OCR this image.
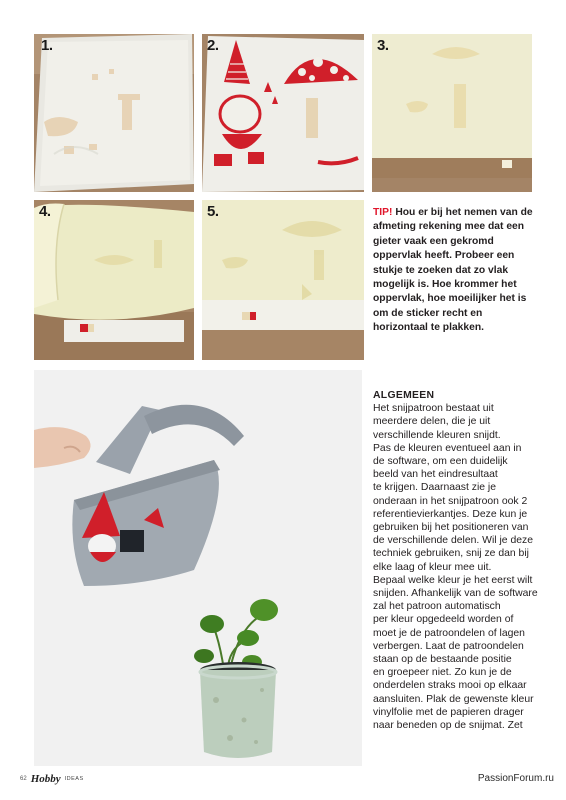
1.	2.	3.
4.	5.	TIP! Hou er bij het nemen van de afmeting rekening mee dat een gieter vaak een gekromd oppervlak heeft. Probeer een stukje te zoeken dat zo vlak mogelijk is. Hoe krommer het oppervlak, hoe moeilijker het is om de sticker recht en horizontaal te plakken.

ALGEMEEN
Het snijpatroon bestaat uit
meerdere delen, die je uit
verschillende kleuren snijdt.
Pas de kleuren eventueel aan in
de software, om een duidelijk
beeld van het eindresultaat
te krijgen. Daarnaast zie je
onderaan in het snijpatroon ook 2
referentievierkantjes. Deze kun je
gebruiken bij het positioneren van
de verschillende delen. Wil je deze
techniek gebruiken, snij ze dan bij
elke laag of kleur mee uit.
Bepaal welke kleur je het eerst wilt
snijden. Afhankelijk van de software
zal het patroon automatisch
per kleur opgedeeld worden of
moet je de patroondelen of lagen
verbergen. Laat de patroondelen
staan op de bestaande positie
en groepeer niet. Zo kun je de
onderdelen straks mooi op elkaar
aansluiten. Plak de gewenste kleur
vinylfolie met de papieren drager
naar beneden op de snijmat. Zet
62 Hobby IDEAS	PassionForum.ru
